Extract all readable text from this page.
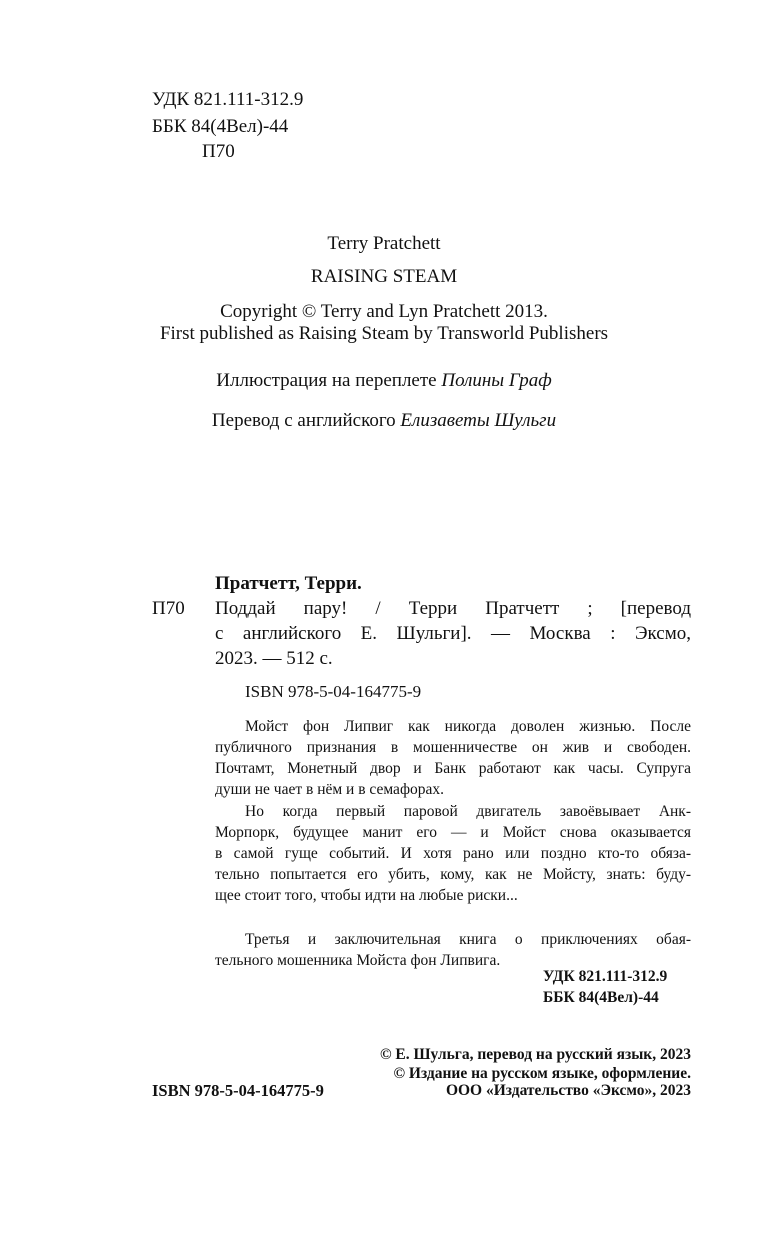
УДК 821.111-312.9
ББК 84(4Вел)-44
П70
Terry Pratchett
RAISING STEAM
Copyright © Terry and Lyn Pratchett 2013.
First published as Raising Steam by Transworld Publishers
Иллюстрация на переплете Полины Граф
Перевод с английского Елизаветы Шульги
Пратчетт, Терри.
П70 Поддай пару! / Терри Пратчетт ; [перевод
с английского Е. Шульги]. — Москва : Эксмо,
2023. — 512 с.
ISBN 978-5-04-164775-9
Мойст фон Липвиг как никогда доволен жизнью. После
публичного признания в мошенничестве он жив и свободен.
Почтамт, Монетный двор и Банк работают как часы. Супруга
души не чает в нём и в семафорах.
Но когда первый паровой двигатель завоёвывает Анк-
Морпорк, будущее манит его — и Мойст снова оказывается
в самой гуще событий. И хотя рано или поздно кто-то обяза-
тельно попытается его убить, кому, как не Мойсту, знать: буду-
щее стоит того, чтобы идти на любые риски...
Третья и заключительная книга о приключениях обая-
тельного мошенника Мойста фон Липвига.
УДК 821.111-312.9
ББК 84(4Вел)-44
© Е. Шульга, перевод на русский язык, 2023
© Издание на русском языке, оформление.
ISBN 978-5-04-164775-9	ООО «Издательство «Эксмо», 2023
